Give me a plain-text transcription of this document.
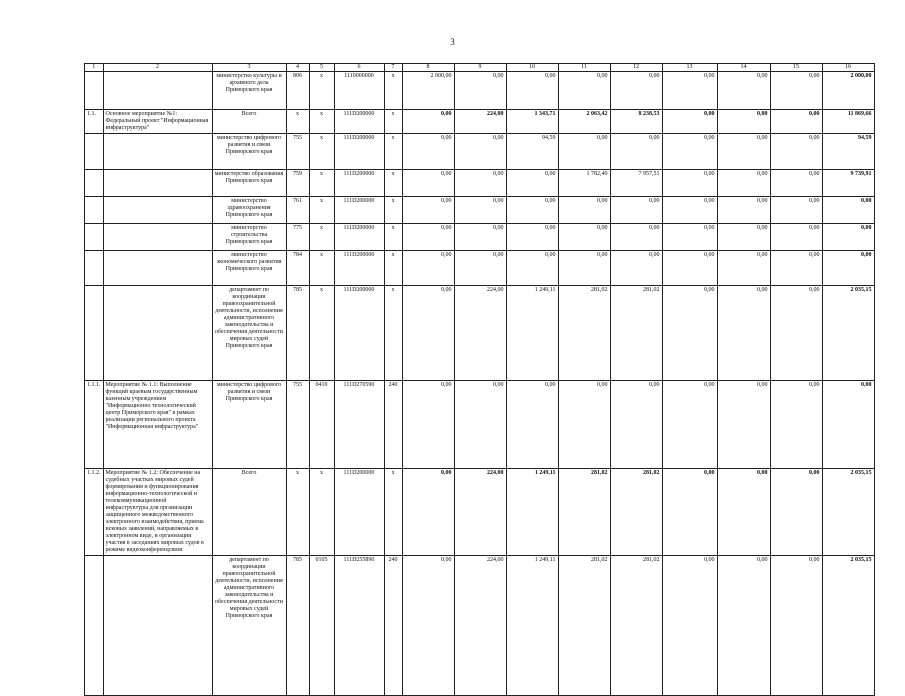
3
1	2	3	4	5	6	7	8	9	10	11	12	13	14	15	16
		министерство культуры и архивного дела Приморского края	806	x	1110000000	x	2 000,00	0,00	0,00	0,00	0,00	0,00	0,00	0,00	2 000,00
1.1.	Основное мероприятие №1: Федеральный проект "Информационная инфраструктура"	Всего	x	x	111D200000	x	0,00	224,00	1 343,71	2 063,42	8 238,53	0,00	0,00	0,00	11 869,66
		министерство цифрового развития и связи Приморского края	755	x	111D200000	x	0,00	0,00	94,59	0,00	0,00	0,00	0,00	0,00	94,59
		министерство образования Приморского края	759	x	111D200000	x	0,00	0,00	0,00	1 782,40	7 957,51	0,00	0,00	0,00	9 739,91
		министерство здравоохранения Приморского края	761	x	111D200000	x	0,00	0,00	0,00	0,00	0,00	0,00	0,00	0,00	0,00
		министерство строительства Приморского края	775	x	111D200000	x	0,00	0,00	0,00	0,00	0,00	0,00	0,00	0,00	0,00
		министерство экономического развития Приморского края	784	x	111D200000	x	0,00	0,00	0,00	0,00	0,00	0,00	0,00	0,00	0,00
		департамент по координации правоохранительной деятельности, исполнения административного законодательства и обеспечения деятельности мировых судей Приморского края	785	x	111D200000	x	0,00	224,00	1 249,11	281,02	281,02	0,00	0,00	0,00	2 035,15
1.1.1.	Мероприятие № 1.1: Выполнение функций краевым государственным казенным учреждением "Информационно технологический центр Приморского края" в рамках реализации регионального проекта "Информационная инфраструктура"	министерство цифрового развития и связи Приморского края	755	0410	111D270590	240	0,00	0,00	0,00	0,00	0,00	0,00	0,00	0,00	0,00
1.1.2.	Мероприятие № 1.2: Обеспечение на судебных участках мировых судей формирования и функционирования информационно-технологической и телекоммуникационной инфраструктуры для организации защищенного межведомственного электронного взаимодействия, приема исковых заявлений, направляемых в электронном виде, и организации участия в заседаниях мировых судов в режиме видеоконференцсвязи	Всего	x	x	111D200000	x	0,00	224,00	1 249,11	281,02	281,02	0,00	0,00	0,00	2 035,15
		департамент по координации правоохранительной деятельности, исполнения административного законодательства и обеспечения деятельности мировых судей Приморского края	785	0105	111D255890	240	0,00	224,00	1 249,11	281,02	281,02	0,00	0,00	0,00	2 035,15
